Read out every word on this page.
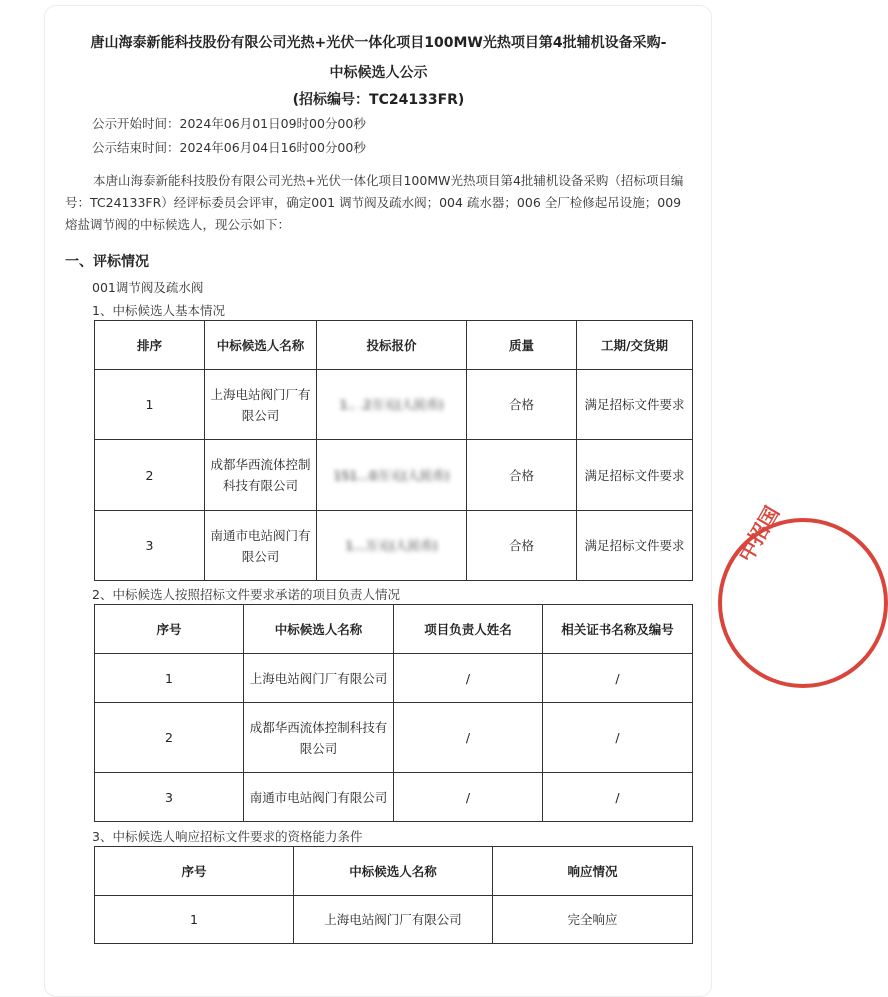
唐山海泰新能科技股份有限公司光热+光伏一体化项目100MW光热项目第4批辅机设备采购-
中标候选人公示
(招标编号：TC24133FR)
公示开始时间：2024年06月01日09时00分00秒
公示结束时间：2024年06月04日16时00分00秒
本唐山海泰新能科技股份有限公司光热+光伏一体化项目100MW光热项目第4批辅机设备采购（招标项目编号：TC24133FR）经评标委员会评审，确定001 调节阀及疏水阀；004 疏水器；006 全厂检修起吊设施；009 熔盐调节阀的中标候选人，现公示如下：
一、评标情况
001调节阀及疏水阀
1、中标候选人基本情况
排序	中标候选人名称	投标报价	质量	工期/交货期
1	上海电站阀门厂有限公司	1.. .2万元(人民币)	合格	满足招标文件要求
2	成都华西流体控制科技有限公司	151...0万元(人民币)	合格	满足招标文件要求
3	南通市电站阀门有限公司	1...万元(人民币)	合格	满足招标文件要求
2、中标候选人按照招标文件要求承诺的项目负责人情况
序号	中标候选人名称	项目负责人姓名	相关证书名称及编号
1	上海电站阀门厂有限公司	/	/
2	成都华西流体控制科技有限公司	/	/
3	南通市电站阀门有限公司	/	/
3、中标候选人响应招标文件要求的资格能力条件
序号	中标候选人名称	响应情况
1	上海电站阀门厂有限公司	完全响应
中招国
